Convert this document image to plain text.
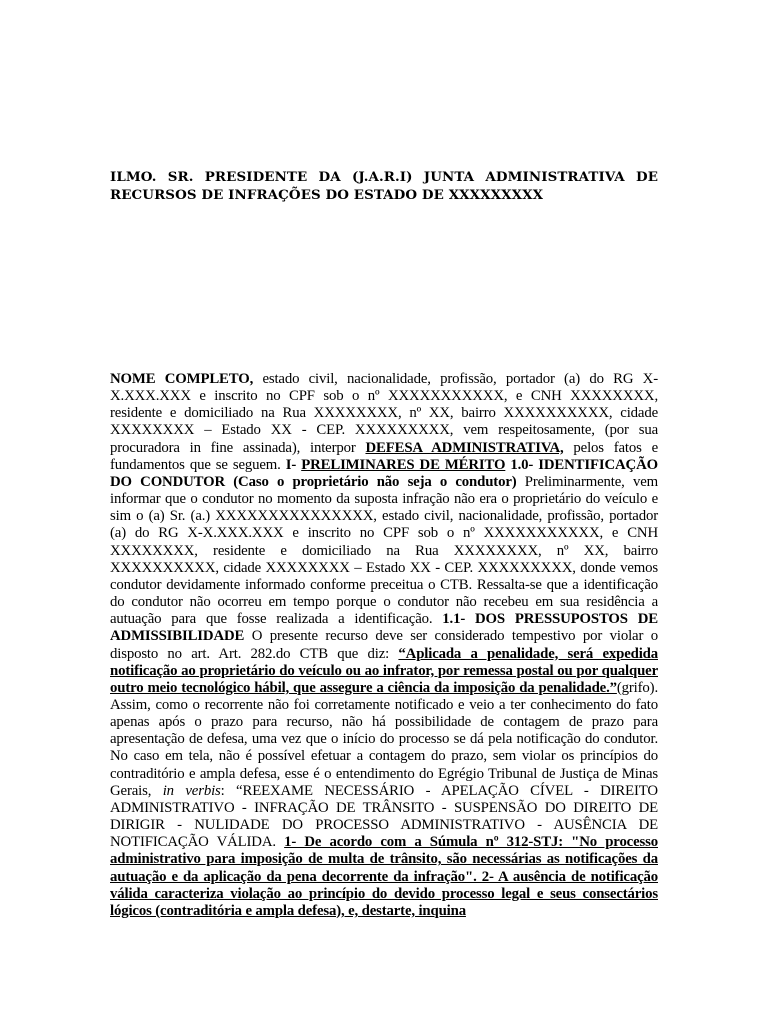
ILMO. SR. PRESIDENTE DA (J.A.R.I) JUNTA ADMINISTRATIVA DE RECURSOS DE INFRAÇÕES DO ESTADO DE XXXXXXXXX

NOME COMPLETO, estado civil, nacionalidade, profissão, portador (a) do RG X-X.XXX.XXX e inscrito no CPF sob o nº XXXXXXXXXXX, e CNH XXXXXXXX, residente e domiciliado na Rua XXXXXXXX, nº XX, bairro XXXXXXXXXX, cidade XXXXXXXX – Estado XX - CEP. XXXXXXXXX, vem respeitosamente, (por sua procuradora in fine assinada), interpor DEFESA ADMINISTRATIVA, pelos fatos e fundamentos que se seguem. I- PRELIMINARES DE MÉRITO 1.0- IDENTIFICAÇÃO DO CONDUTOR (Caso o proprietário não seja o condutor) Preliminarmente, vem informar que o condutor no momento da suposta infração não era o proprietário do veículo e sim o (a) Sr. (a.) XXXXXXXXXXXXXXX, estado civil, nacionalidade, profissão, portador (a) do RG X-X.XXX.XXX e inscrito no CPF sob o nº XXXXXXXXXXX, e CNH XXXXXXXX, residente e domiciliado na Rua XXXXXXXX, nº XX, bairro XXXXXXXXXX, cidade XXXXXXXX – Estado XX - CEP. XXXXXXXXX, donde vemos condutor devidamente informado conforme preceitua o CTB. Ressalta-se que a identificação do condutor não ocorreu em tempo porque o condutor não recebeu em sua residência a autuação para que fosse realizada a identificação. 1.1- DOS PRESSUPOSTOS DE ADMISSIBILIDADE O presente recurso deve ser considerado tempestivo por violar o disposto no art. Art. 282.do CTB que diz: “Aplicada a penalidade, será expedida notificação ao proprietário do veículo ou ao infrator, por remessa postal ou por qualquer outro meio tecnológico hábil, que assegure a ciência da imposição da penalidade.”(grifo). Assim, como o recorrente não foi corretamente notificado e veio a ter conhecimento do fato apenas após o prazo para recurso, não há possibilidade de contagem de prazo para apresentação de defesa, uma vez que o início do processo se dá pela notificação do condutor. No caso em tela, não é possível efetuar a contagem do prazo, sem violar os princípios do contraditório e ampla defesa, esse é o entendimento do Egrégio Tribunal de Justiça de Minas Gerais, in verbis: “REEXAME NECESSÁRIO - APELAÇÃO CÍVEL - DIREITO ADMINISTRATIVO - INFRAÇÃO DE TRÂNSITO - SUSPENSÃO DO DIREITO DE DIRIGIR - NULIDADE DO PROCESSO ADMINISTRATIVO - AUSÊNCIA DE NOTIFICAÇÃO VÁLIDA. 1- De acordo com a Súmula nº 312-STJ: "No processo administrativo para imposição de multa de trânsito, são necessárias as notificações da autuação e da aplicação da pena decorrente da infração". 2- A ausência de notificação válida caracteriza violação ao princípio do devido processo legal e seus consectários lógicos (contraditória e ampla defesa), e, destarte, inquina
